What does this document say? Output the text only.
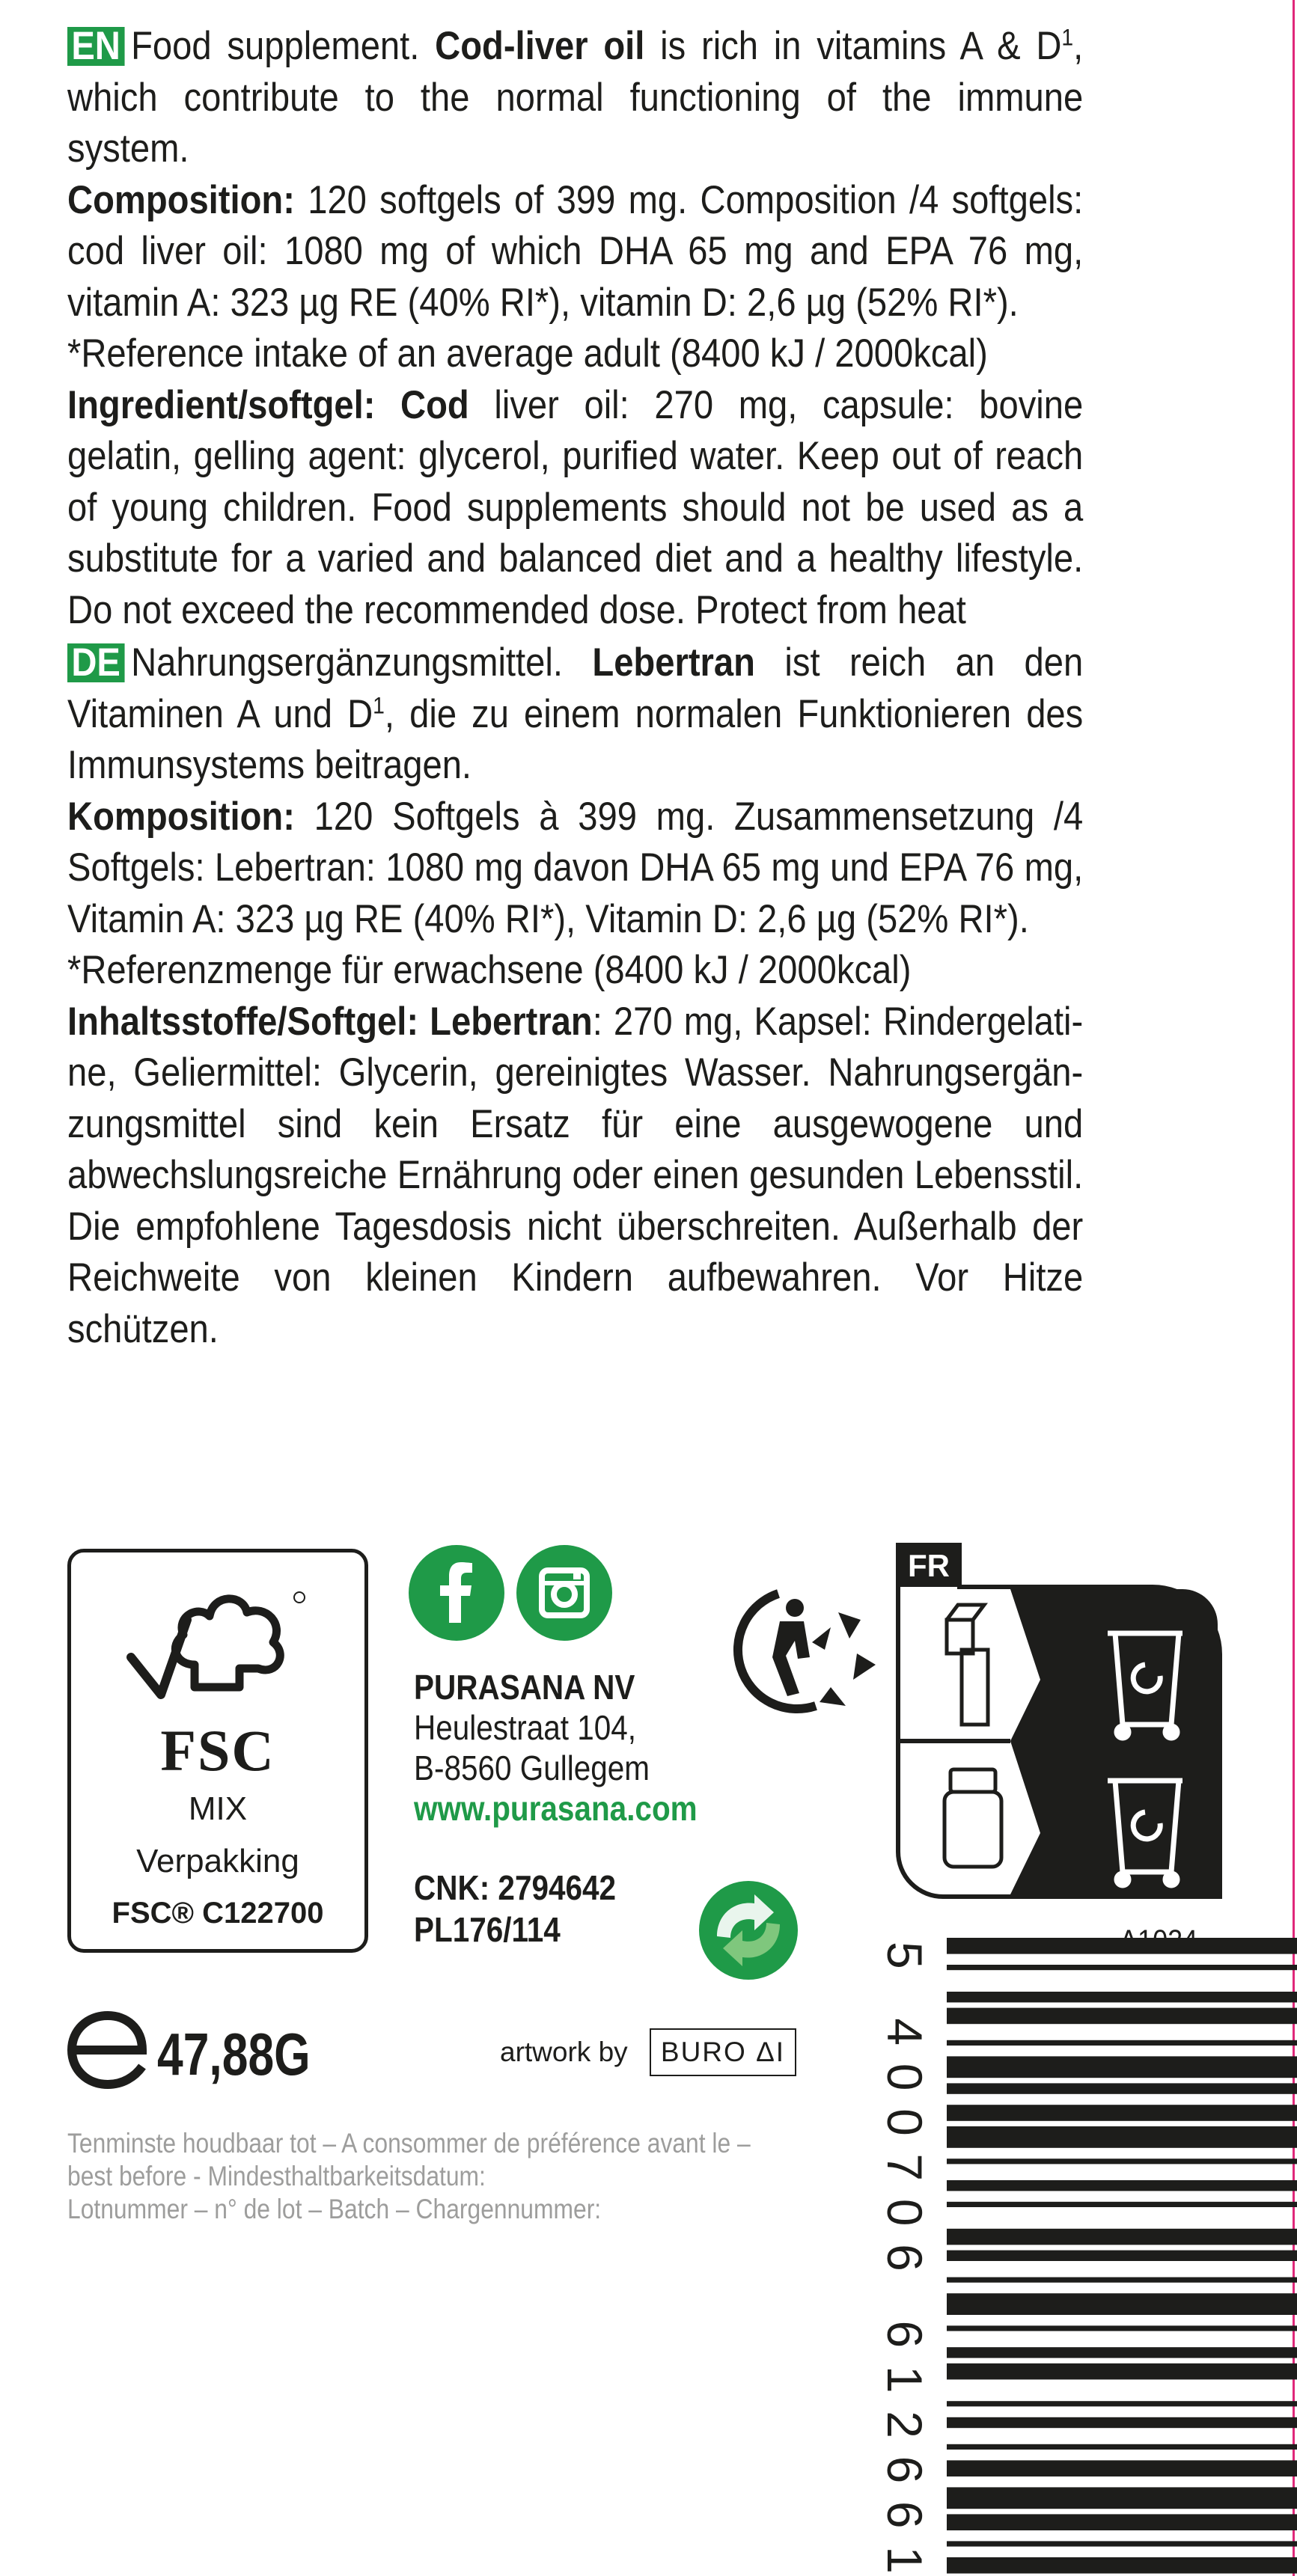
EN Food supplement. Cod-liver oil is rich in vitamins A & $D^1$, which contribute to the normal functioning of the immune system.

Composition: 120 softgels of 399 mg. Composition /4 softgels: cod liver oil: 1080 mg of which DHA 65 mg and EPA 76 mg, vitamin A: 323 µg RE (40% RI*), vitamin D: 2,6 µg (52% RI*).

*Reference intake of an average adult (8400 kJ / 2000kcal)

Ingredient/softgel: Cod liver oil: 270 mg, capsule: bovine gelatin, gelling agent: glycerol, purified water. Keep out of reach of young children. Food supplements should not be used as a substitute for a varied and balanced diet and a healthy lifestyle. Do not exceed the recommended dose. Protect from heat

DE Nahrungsergänzungsmittel. Lebertran ist reich an den Vitaminen A und $D^1$, die zu einem normalen Funktionieren des Immunsystems beitragen.

Komposition: 120 Softgels à 399 mg. Zusammensetzung /4 Softgels: Lebertran: 1080 mg davon DHA 65 mg und EPA 76 mg, Vitamin A: 323 µg RE (40% RI*), Vitamin D: 2,6 µg (52% RI*).

*Referenzmenge für erwachsene (8400 kJ / 2000kcal)

Inhaltsstoffe/Softgel: Lebertran: 270 mg, Kapsel: Rindergelati-ne, Geliermittel: Glycerin, gereinigtes Wasser. Nahrungsergän-zungsmittel sind kein Ersatz für eine ausgewogene und abwechslungsreiche Ernährung oder einen gesunden Lebensstil. Die empfohlene Tagesdosis nicht überschreiten. Außerhalb der Reichweite von kleinen Kindern aufbewahren. Vor Hitze schützen.

FSC
MIX
Verpakking
FSC® C122700
PURASANA NV
Heulestraat 104,
B-8560 Gullegem
www.purasana.com
CNK: 2794642
PL176/114
FR
47,88G	artwork by	BURO ΔI
Tenminste houdbaar tot – A consommer de préférence avant le –
best before - Mindesthaltbarkeitsdatum:
Lotnummer – n° de lot – Batch – Chargennummer:
5 400706 612661
